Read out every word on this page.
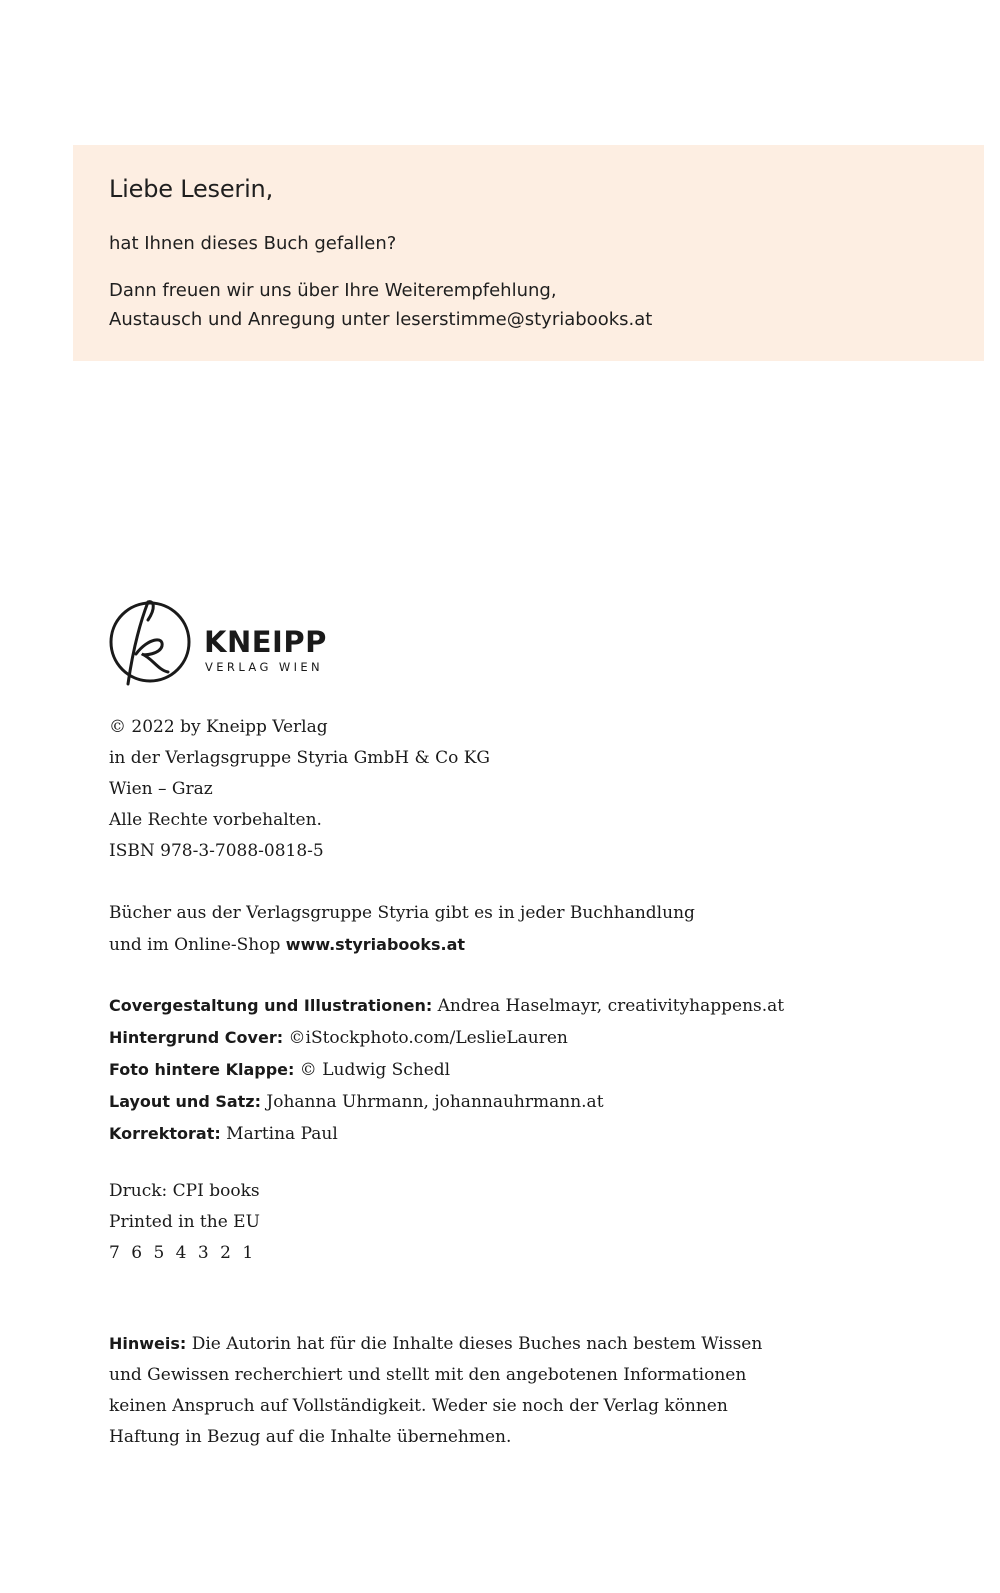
Liebe Leserin,
hat Ihnen dieses Buch gefallen?
Dann freuen wir uns über Ihre Weiterempfehlung,
Austausch und Anregung unter leserstimme@styriabooks.at
KNEIPP
VERLAG WIEN
© 2022 by Kneipp Verlag
in der Verlagsgruppe Styria GmbH & Co KG
Wien – Graz
Alle Rechte vorbehalten.
ISBN 978-3-7088-0818-5
Bücher aus der Verlagsgruppe Styria gibt es in jeder Buchhandlung
und im Online-Shop www.styriabooks.at
Covergestaltung und Illustrationen: Andrea Haselmayr, creativityhappens.at
Hintergrund Cover: ©iStockphoto.com/LeslieLauren
Foto hintere Klappe: © Ludwig Schedl
Layout und Satz: Johanna Uhrmann, johannauhrmann.at
Korrektorat: Martina Paul
Druck: CPI books
Printed in the EU
7 6 5 4 3 2 1
Hinweis: Die Autorin hat für die Inhalte dieses Buches nach bestem Wissen
und Gewissen recherchiert und stellt mit den angebotenen Informationen
keinen Anspruch auf Vollständigkeit. Weder sie noch der Verlag können
Haftung in Bezug auf die Inhalte übernehmen.
